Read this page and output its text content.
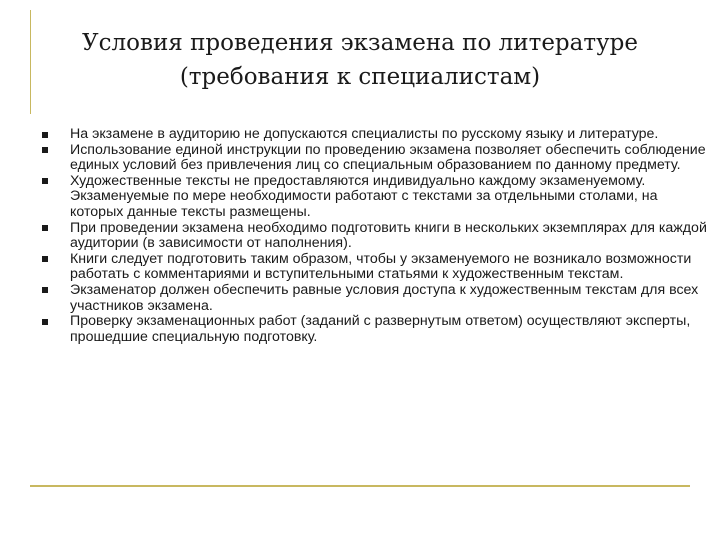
Условия проведения экзамена по литературе
(требования к специалистам)
На экзамене в аудиторию не допускаются специалисты по русскому языку и литературе.
Использование единой инструкции по проведению экзамена позволяет обеспечить соблюдение единых условий без привлечения лиц со специальным образованием по данному предмету.
Художественные тексты не предоставляются индивидуально каждому экзаменуемому. Экзаменуемые по мере необходимости работают с текстами за отдельными столами, на которых данные тексты размещены.
При проведении экзамена необходимо подготовить книги в нескольких экземплярах для каждой аудитории (в зависимости от наполнения).
Книги следует подготовить таким образом, чтобы у экзаменуемого не возникало возможности работать с комментариями и вступительными статьями к художественным текстам.
Экзаменатор должен обеспечить равные условия доступа к художественным текстам для всех участников экзамена.
Проверку экзаменационных работ (заданий с развернутым ответом) осуществляют эксперты, прошедшие специальную подготовку.
